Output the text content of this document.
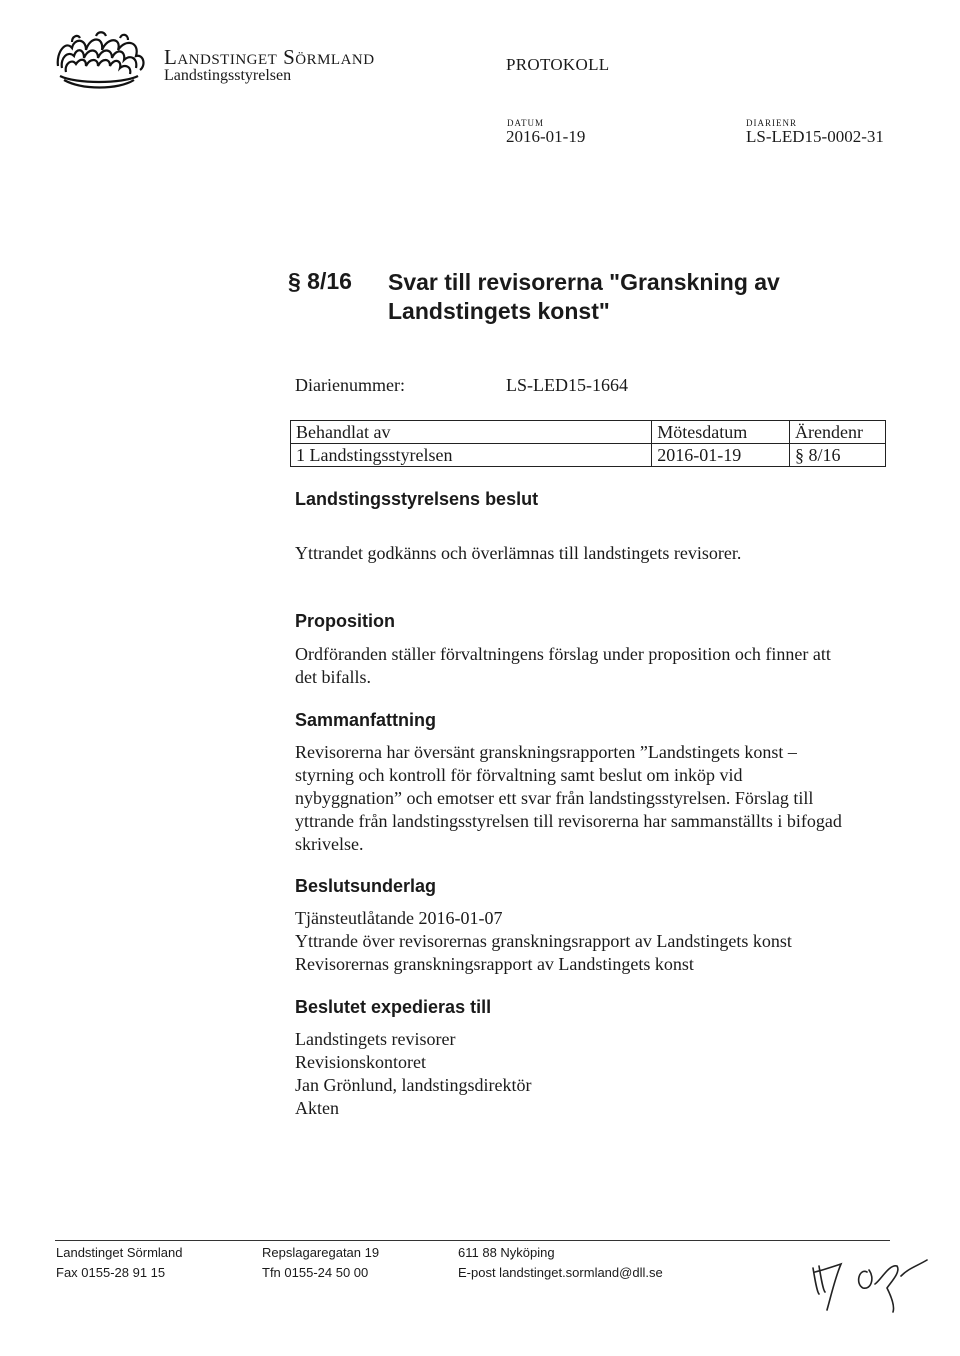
Landstinget Sörmland
Landstingsstyrelsen
PROTOKOLL
DATUM
2016-01-19
DIARIENR
LS-LED15-0002-31
§ 8/16 Svar till revisorerna "Granskning av Landstingets konst"
Diarienummer:	LS-LED15-1664
Behandlat av	Mötesdatum	Ärendenr
1 Landstingsstyrelsen	2016-01-19	§ 8/16
Landstingsstyrelsens beslut
Yttrandet godkänns och överlämnas till landstingets revisorer.
Proposition
Ordföranden ställer förvaltningens förslag under proposition och finner att
det bifalls.
Sammanfattning
Revisorerna har översänt granskningsrapporten ”Landstingets konst –
styrning och kontroll för förvaltning samt beslut om inköp vid
nybyggnation” och emotser ett svar från landstingsstyrelsen. Förslag till
yttrande från landstingsstyrelsen till revisorerna har sammanställts i bifogad
skrivelse.
Beslutsunderlag
Tjänsteutlåtande 2016-01-07
Yttrande över revisorernas granskningsrapport av Landstingets konst
Revisorernas granskningsrapport av Landstingets konst
Beslutet expedieras till
Landstingets revisorer
Revisionskontoret
Jan Grönlund, landstingsdirektör
Akten
Landstinget Sörmland
Fax 0155-28 91 15
Repslagaregatan 19
Tfn 0155-24 50 00
611 88 Nyköping
E-post landstinget.sormland@dll.se
